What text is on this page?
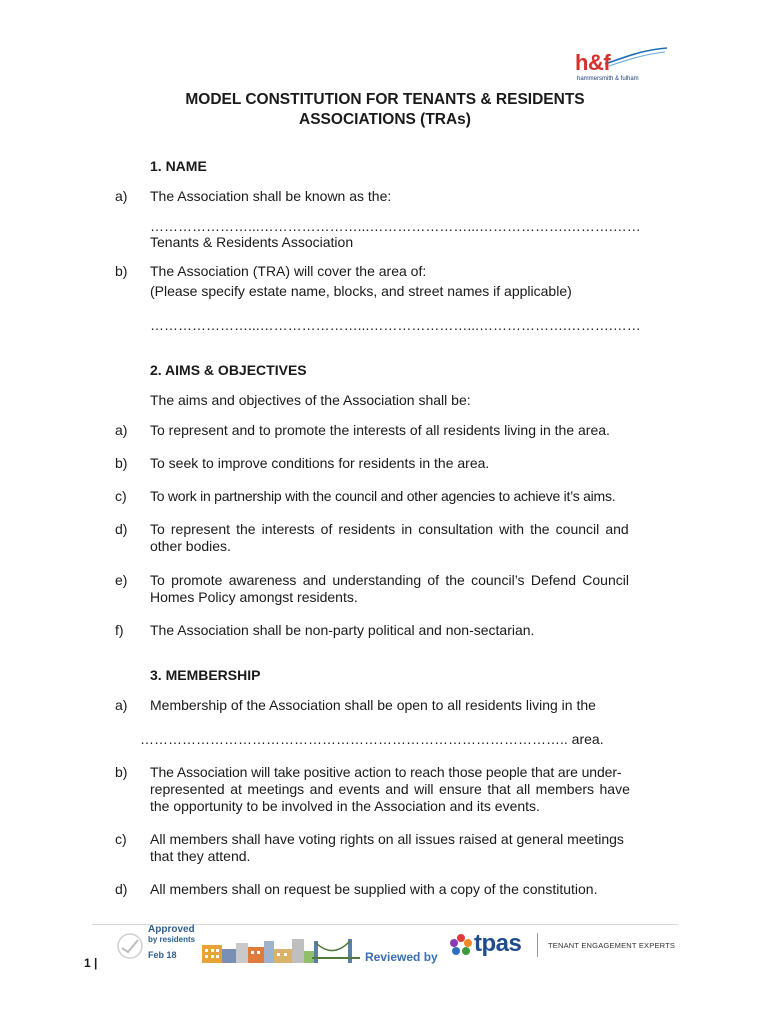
h&f
hammersmith & fulham
MODEL CONSTITUTION FOR TENANTS & RESIDENTS
ASSOCIATIONS (TRAs)
1. NAME
a) The Association shall be known as the:
…………………...…………………...…………………...……………….……….……
Tenants & Residents Association
b) The Association (TRA) will cover the area of:
(Please specify estate name, blocks, and street names if applicable)
…………………...…………………...…………………...……………….……….……
2. AIMS & OBJECTIVES
The aims and objectives of the Association shall be:
a) To represent and to promote the interests of all residents living in the area.
b) To seek to improve conditions for residents in the area.
c) To work in partnership with the council and other agencies to achieve it’s aims.
d) To represent the interests of residents in consultation with the council and
other bodies.
e) To promote awareness and understanding of the council’s Defend Council
Homes Policy amongst residents.
f) The Association shall be non-party political and non-sectarian.
3. MEMBERSHIP
a) Membership of the Association shall be open to all residents living in the
……………………………………………………………………………….. area.
b) The Association will take positive action to reach those people that are under-
represented at meetings and events and will ensure that all members have
the opportunity to be involved in the Association and its events.
c) All members shall have voting rights on all issues raised at general meetings
that they attend.
d) All members shall on request be supplied with a copy of the constitution.
1 |
Approved
by residents
Feb 18	Reviewed by tpas	TENANT ENGAGEMENT EXPERTS
